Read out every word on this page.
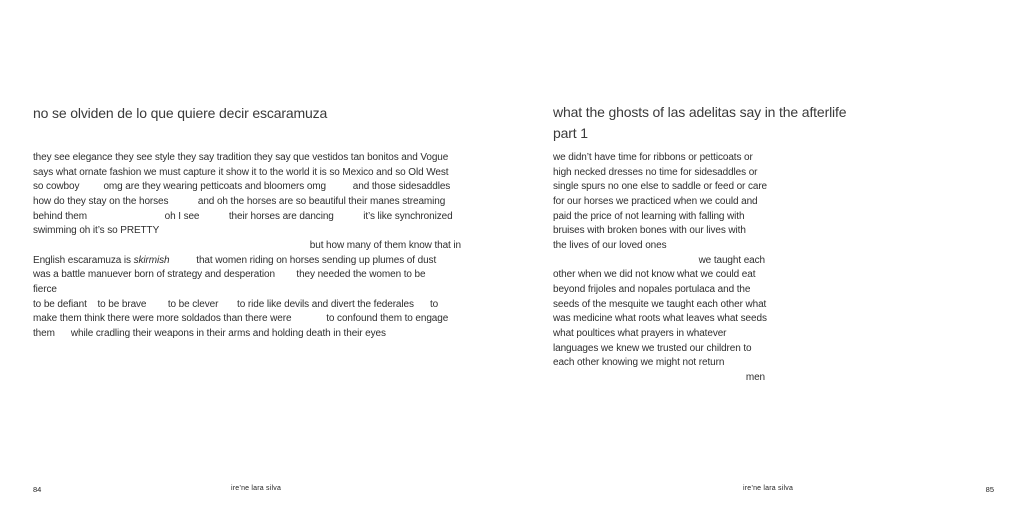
no se olviden de lo que quiere decir escaramuza
they see elegance they see style they say tradition they say que vestidos tan bonitos and Vogue
says what ornate fashion we must capture it show it to the world it is so Mexico and so Old West
so cowboy         omg are they wearing petticoats and bloomers omg          and those sidesaddles
how do they stay on the horses           and oh the horses are so beautiful their manes streaming
behind them                             oh I see           their horses are dancing           it’s like synchronized
swimming oh it’s so PRETTY
but how many of them know that in
English escaramuza is skirmish          that women riding on horses sending up plumes of dust
was a battle manuever born of strategy and desperation        they needed the women to be
fierce
to be defiant    to be brave        to be clever       to ride like devils and divert the federales      to
make them think there were more soldados than there were             to confound them to engage
them      while cradling their weapons in their arms and holding death in their eyes
84	ire’ne lara silva
what the ghosts of las adelitas say in the afterlife
part 1
we didn’t have time for ribbons or petticoats or
high necked dresses no time for sidesaddles or
single spurs no one else to saddle or feed or care
for our horses we practiced when we could and
paid the price of not learning with falling with
bruises with broken bones with our lives with
the lives of our loved ones
we taught each
other when we did not know what we could eat
beyond frijoles and nopales portulaca and the
seeds of the mesquite we taught each other what
was medicine what roots what leaves what seeds
what poultices what prayers in whatever
languages we knew we trusted our children to
each other knowing we might not return
men
85
ire’ne lara silva
